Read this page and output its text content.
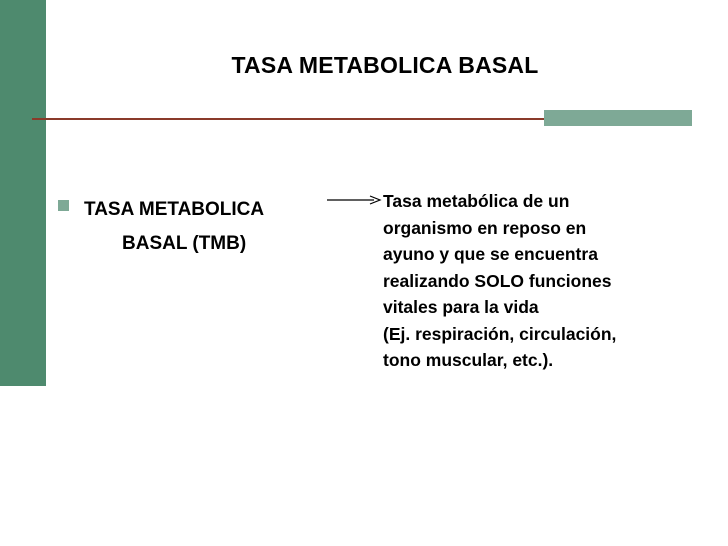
TASA METABOLICA BASAL
TASA METABOLICA
BASAL (TMB)
Tasa metabólica de un
organismo en reposo en
ayuno y que se encuentra
realizando SOLO funciones
vitales para la vida
(Ej. respiración, circulación,
tono muscular, etc.).
